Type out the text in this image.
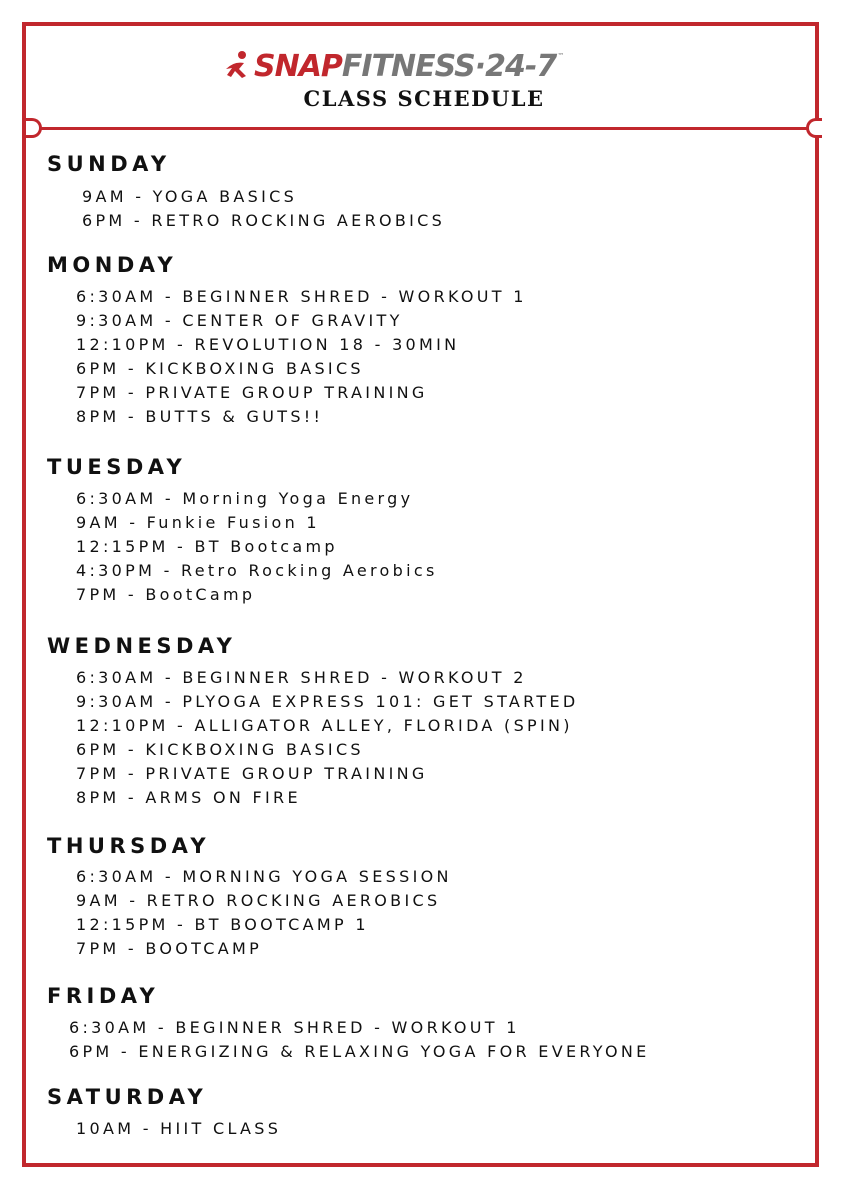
SNAP FITNESS·24-7 ™
CLASS SCHEDULE
SUNDAY
9AM - YOGA BASICS
6PM - RETRO ROCKING AEROBICS
MONDAY
6:30AM - BEGINNER SHRED - WORKOUT 1
9:30AM - CENTER OF GRAVITY
12:10PM - REVOLUTION 18 - 30MIN
6PM - KICKBOXING BASICS
7PM - PRIVATE GROUP TRAINING
8PM - BUTTS & GUTS!!
TUESDAY
6:30AM - Morning Yoga Energy
9AM - Funkie Fusion 1
12:15PM - BT Bootcamp
4:30PM - Retro Rocking Aerobics
7PM - BootCamp
WEDNESDAY
6:30AM - BEGINNER SHRED - WORKOUT 2
9:30AM - PLYOGA EXPRESS 101: GET STARTED
12:10PM - ALLIGATOR ALLEY, FLORIDA (SPIN)
6PM - KICKBOXING BASICS
7PM - PRIVATE GROUP TRAINING
8PM - ARMS ON FIRE
THURSDAY
6:30AM - MORNING YOGA SESSION
9AM - RETRO ROCKING AEROBICS
12:15PM - BT BOOTCAMP 1
7PM - BOOTCAMP
FRIDAY
6:30AM - BEGINNER SHRED - WORKOUT 1
6PM - ENERGIZING & RELAXING YOGA FOR EVERYONE
SATURDAY
10AM - HIIT CLASS
